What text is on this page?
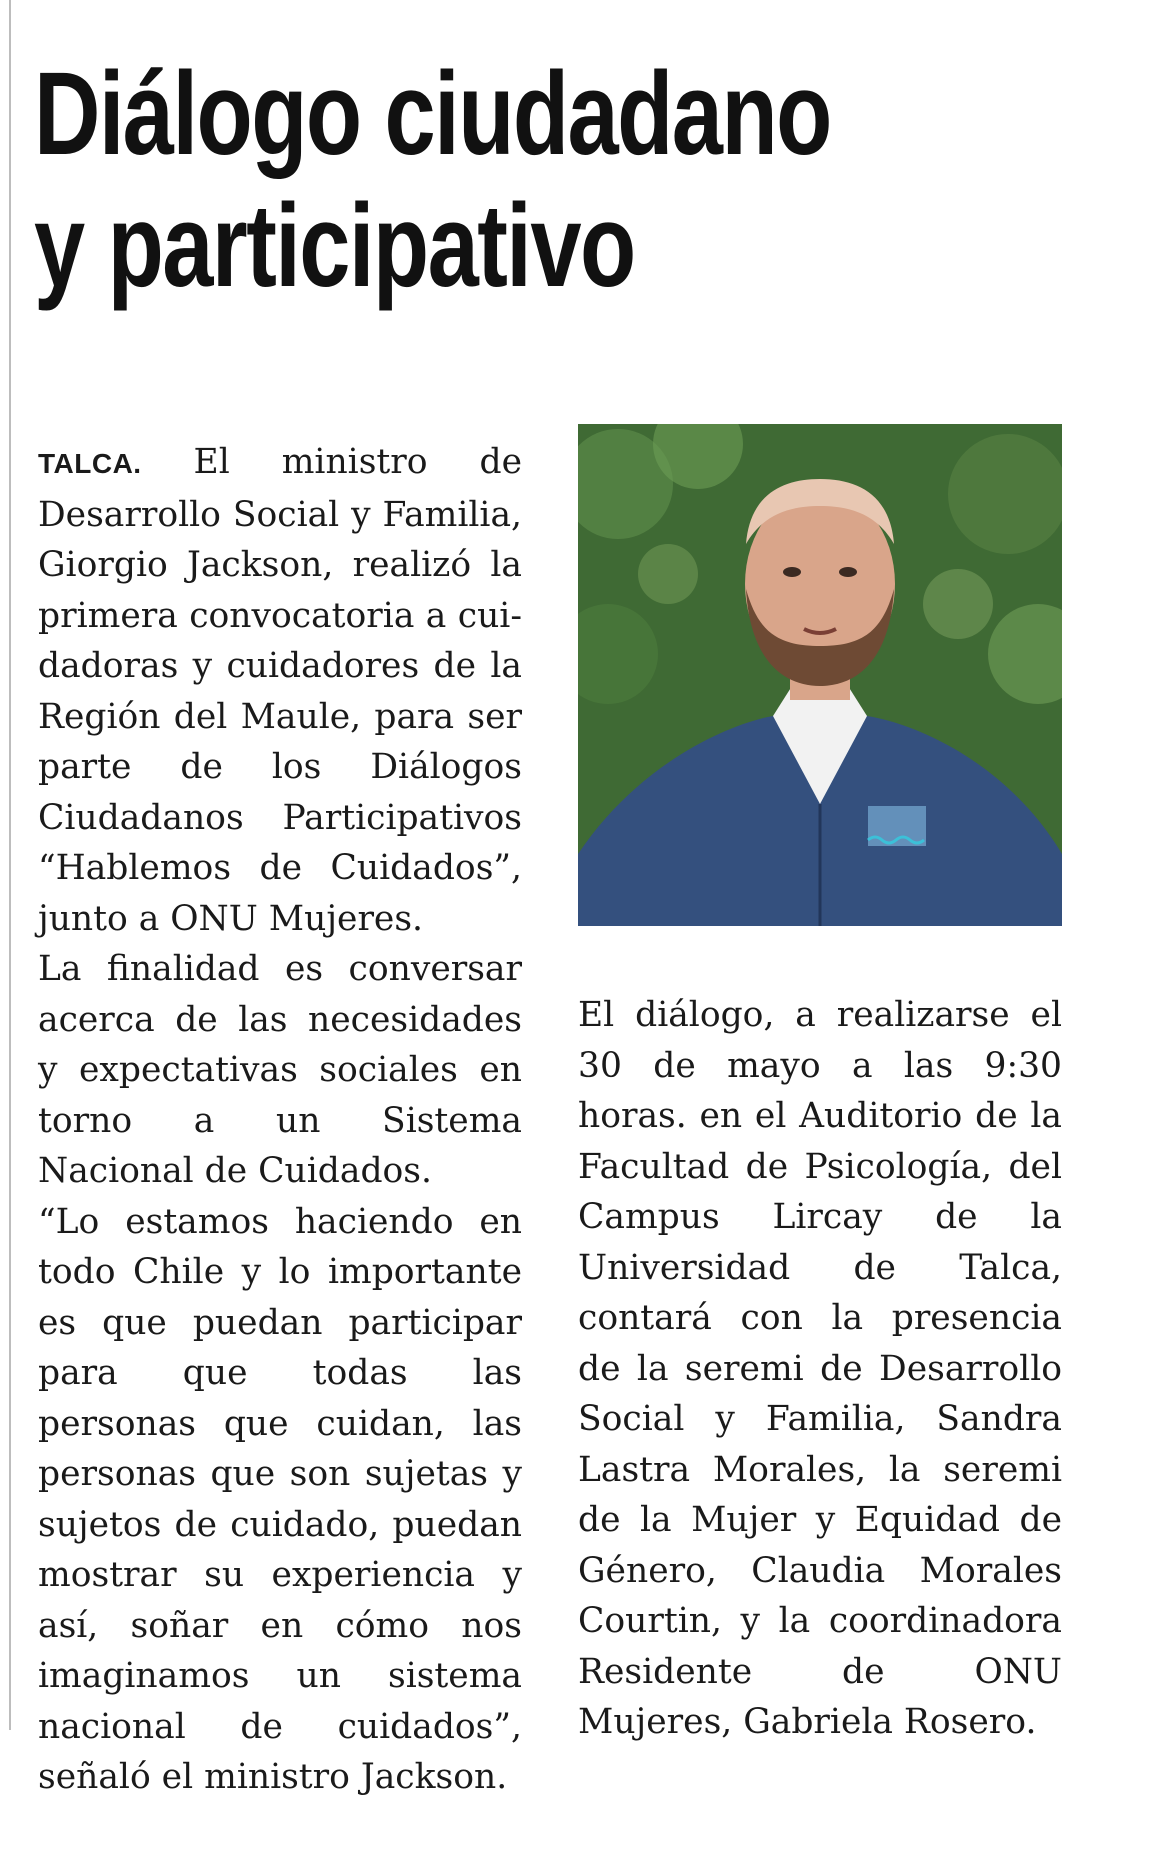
Diálogo ciudadano
y participativo

TALCA. El ministro de Desarrollo Social y Familia, Giorgio Jackson, realizó la primera convocatoria a cuidadoras y cuidadores de la Región del Maule, para ser parte de los Diálogos Ciudadanos Participativos “Hablemos de Cuidados”, junto a ONU Mujeres.

La finalidad es conversar acerca de las necesidades y expectativas sociales en torno a un Sistema Nacional de Cuidados.

“Lo estamos haciendo en todo Chile y lo importante es que puedan participar para que todas las personas que cuidan, las personas que son sujetas y sujetos de cuidado, puedan mostrar su experiencia y así, soñar en cómo nos imaginamos un sistema nacional de cuidados”, señaló el ministro Jackson.

El diálogo, a realizarse el 30 de mayo a las 9:30 horas. en el Auditorio de la Facultad de Psicología, del Campus Lircay de la Universidad de Talca, contará con la presencia de la seremi de Desarrollo Social y Familia, Sandra Lastra Morales, la seremi de la Mujer y Equidad de Género, Claudia Morales Courtin, y la coordinadora Residente de ONU Mujeres, Gabriela Rosero.
